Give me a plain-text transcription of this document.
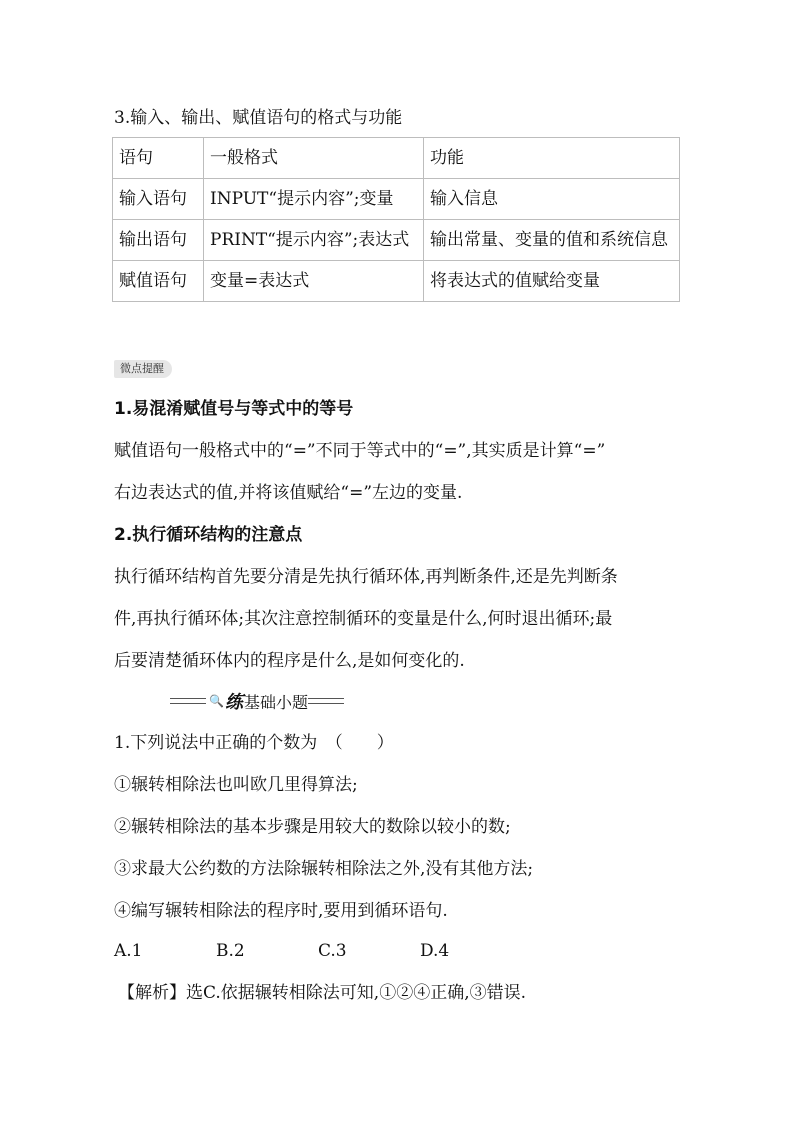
3.输入、输出、赋值语句的格式与功能
语句	一般格式	功能
输入语句	INPUT“提示内容”;变量	输入信息
输出语句	PRINT“提示内容”;表达式	输出常量、变量的值和系统信息
赋值语句	变量=表达式	将表达式的值赋给变量
微点提醒
1.易混淆赋值号与等式中的等号
赋值语句一般格式中的“=”不同于等式中的“=”,其实质是计算“=”
右边表达式的值,并将该值赋给“=”左边的变量.
2.执行循环结构的注意点
执行循环结构首先要分清是先执行循环体,再判断条件,还是先判断条
件,再执行循环体;其次注意控制循环的变量是什么,何时退出循环;最
后要清楚循环体内的程序是什么,是如何变化的.
🔍 练 基础小题
1.下列说法中正确的个数为　（　　）
①辗转相除法也叫欧几里得算法;
②辗转相除法的基本步骤是用较大的数除以较小的数;
③求最大公约数的方法除辗转相除法之外,没有其他方法;
④编写辗转相除法的程序时,要用到循环语句.
A.1	B.2	C.3	D.4
【解析】选C.依据辗转相除法可知,①②④正确,③错误.
